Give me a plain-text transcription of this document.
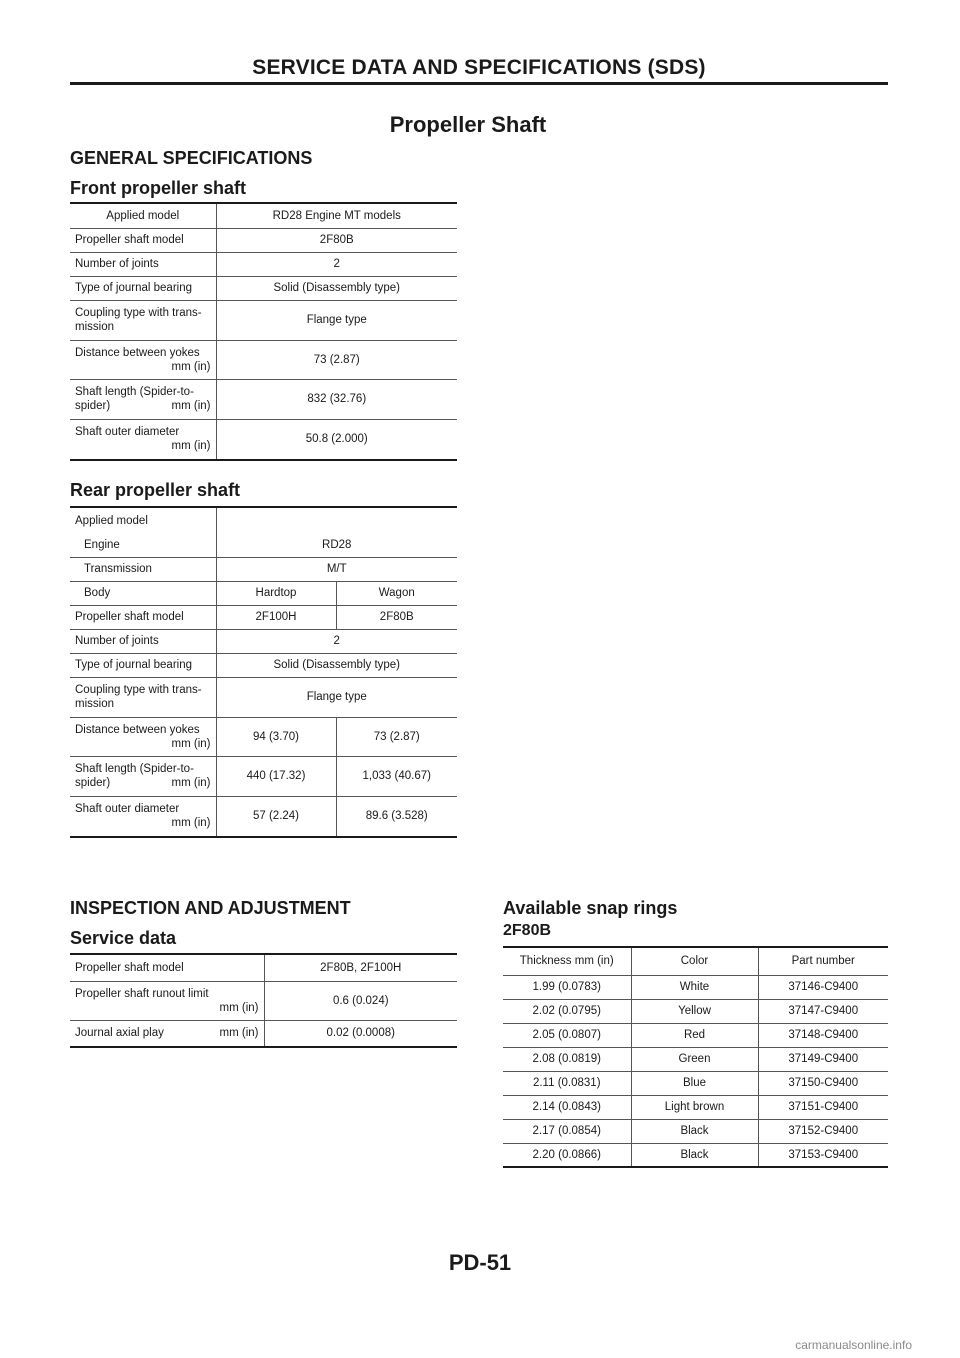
SERVICE DATA AND SPECIFICATIONS (SDS)
Propeller Shaft
GENERAL SPECIFICATIONS
Front propeller shaft
Applied model	RD28 Engine MT models
Propeller shaft model	2F80B
Number of joints	2
Type of journal bearing	Solid (Disassembly type)

Coupling type with trans-
mission	Flange type

Distance between yokes
mm (in)	73 (2.87)

Shaft length (Spider-to-
spider) mm (in)	832 (32.76)

Shaft outer diameter
mm (in)	50.8 (2.000)
Rear propeller shaft
Applied model		
Engine	RD28	
Transmission	M/T	
Body	Hardtop	Wagon
Propeller shaft model	2F100H	2F80B
Number of joints	2	
Type of journal bearing	Solid (Disassembly type)	

Coupling type with trans-
mission	Flange type	

Distance between yokes
mm (in)	94 (3.70)	73 (2.87)

Shaft length (Spider-to-
spider) mm (in)	440 (17.32)	1,033 (40.67)

Shaft outer diameter
mm (in)	57 (2.24)	89.6 (3.528)
INSPECTION AND ADJUSTMENT
Service data
Propeller shaft model	2F80B, 2F100H

Propeller shaft runout limit
mm (in)	0.6 (0.024)
Journal axial play mm (in)	0.02 (0.0008)
Available snap rings
2F80B
Thickness mm (in)	Color	Part number
1.99 (0.0783)	White	37146-C9400
2.02 (0.0795)	Yellow	37147-C9400
2.05 (0.0807)	Red	37148-C9400
2.08 (0.0819)	Green	37149-C9400
2.11 (0.0831)	Blue	37150-C9400
2.14 (0.0843)	Light brown	37151-C9400
2.17 (0.0854)	Black	37152-C9400
2.20 (0.0866)	Black	37153-C9400
PD-51
carmanualsonline.info
